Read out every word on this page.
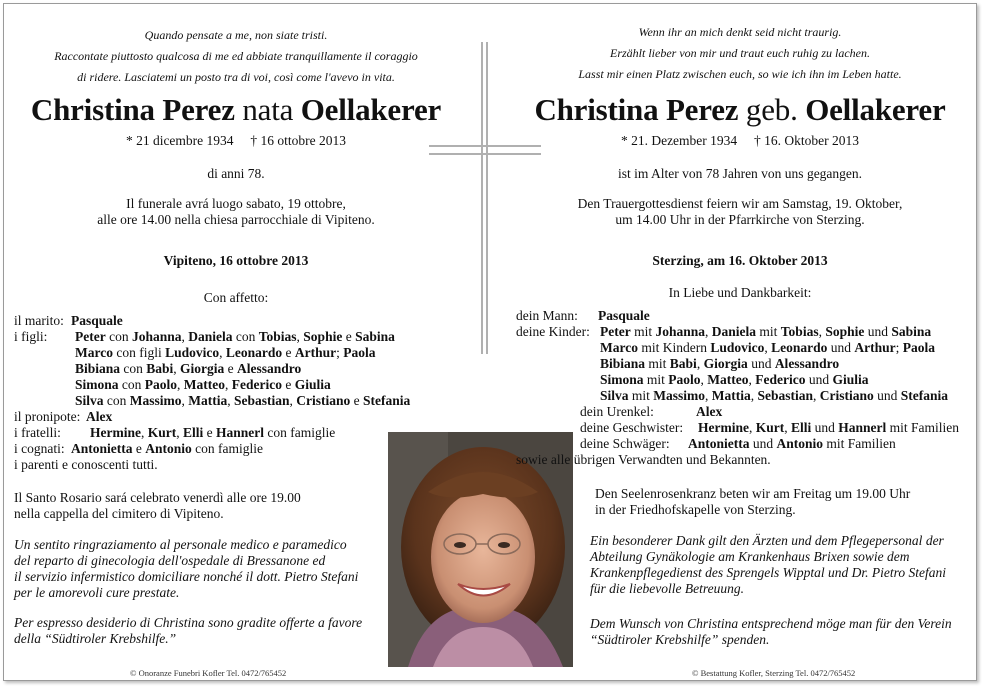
Quando pensate a me, non siate tristi.
Raccontate piuttosto qualcosa di me ed abbiate tranquillamente il coraggio
di ridere. Lasciatemi un posto tra di voi, così come l'avevo in vita.
Christina Perez nata Oellakerer
* 21 dicembre 1934 † 16 ottobre 2013
di anni 78.
Il funerale avrá luogo sabato, 19 ottobre,
alle ore 14.00 nella chiesa parrocchiale di Vipiteno.
Vipiteno, 16 ottobre 2013
Con affetto:
il marito: Pasquale
i figli: Peter con Johanna, Daniela con Tobias, Sophie e Sabina
Marco con figli Ludovico, Leonardo e Arthur; Paola
Bibiana con Babi, Giorgia e Alessandro
Simona con Paolo, Matteo, Federico e Giulia
Silva con Massimo, Mattia, Sebastian, Cristiano e Stefania
il pronipote: Alex
i fratelli: Hermine, Kurt, Elli e Hannerl con famiglie
i cognati: Antonietta e Antonio con famiglie
i parenti e conoscenti tutti.
Il Santo Rosario sará celebrato venerdì alle ore 19.00
nella cappella del cimitero di Vipiteno.
Un sentito ringraziamento al personale medico e paramedico
del reparto di ginecologia dell'ospedale di Bressanone ed
il servizio infermistico domiciliare nonché il dott. Pietro Stefani
per le amorevoli cure prestate.
Per espresso desiderio di Christina sono gradite offerte a favore
della “Südtiroler Krebshilfe.”
© Onoranze Funebri Kofler Tel. 0472/765452
Wenn ihr an mich denkt seid nicht traurig.
Erzählt lieber von mir und traut euch ruhig zu lachen.
Lasst mir einen Platz zwischen euch, so wie ich ihn im Leben hatte.
Christina Perez geb. Oellakerer
* 21. Dezember 1934 † 16. Oktober 2013
ist im Alter von 78 Jahren von uns gegangen.
Den Trauergottesdienst feiern wir am Samstag, 19. Oktober,
um 14.00 Uhr in der Pfarrkirche von Sterzing.
Sterzing, am 16. Oktober 2013
In Liebe und Dankbarkeit:
dein Mann: Pasquale
deine Kinder: Peter mit Johanna, Daniela mit Tobias, Sophie und Sabina
Marco mit Kindern Ludovico, Leonardo und Arthur; Paola
Bibiana mit Babi, Giorgia und Alessandro
Simona mit Paolo, Matteo, Federico und Giulia
Silva mit Massimo, Mattia, Sebastian, Cristiano und Stefania
dein Urenkel:	Alex
deine Geschwister: Hermine, Kurt, Elli und Hannerl mit Familien
deine Schwäger: Antonietta und Antonio mit Familien
sowie alle übrigen Verwandten und Bekannten.
Den Seelenrosenkranz beten wir am Freitag um 19.00 Uhr
in der Friedhofskapelle von Sterzing.
Ein besonderer Dank gilt den Ärzten und dem Pflegepersonal der
Abteilung Gynäkologie am Krankenhaus Brixen sowie dem
Krankenpflegedienst des Sprengels Wipptal und Dr. Pietro Stefani
für die liebevolle Betreuung.
Dem Wunsch von Christina entsprechend möge man für den Verein
“Südtiroler Krebshilfe” spenden.
© Bestattung Kofler, Sterzing Tel. 0472/765452
